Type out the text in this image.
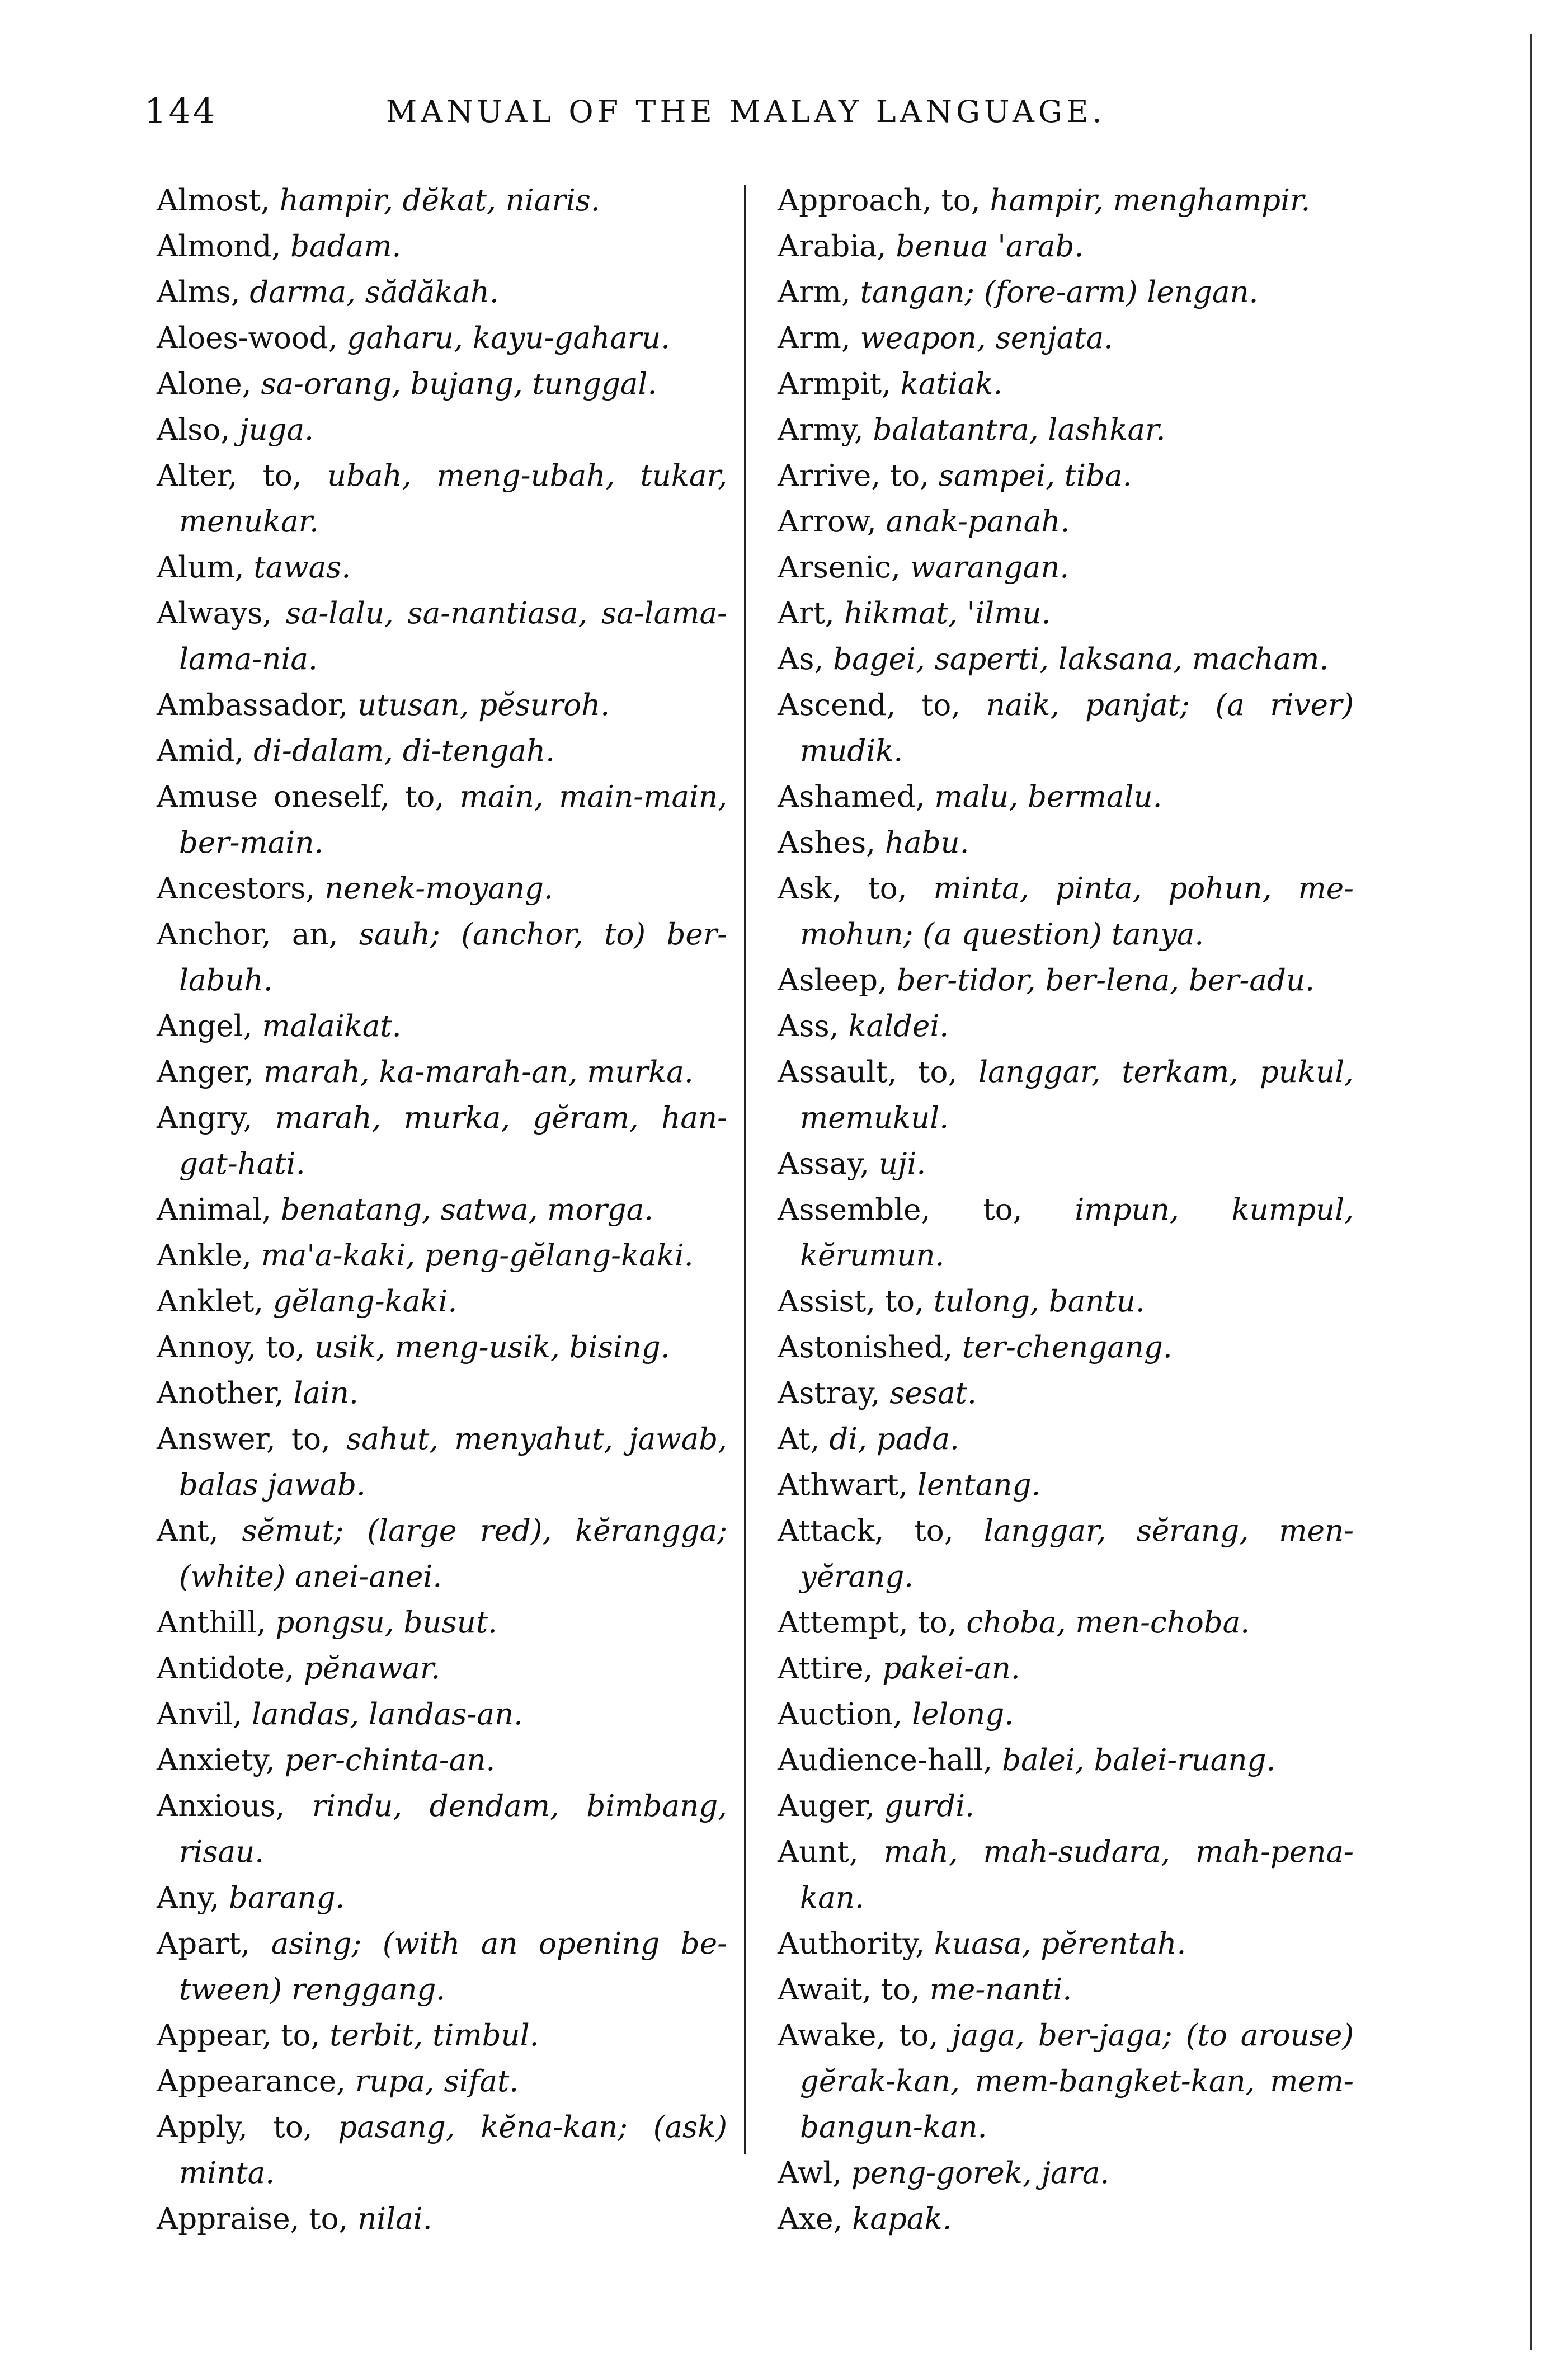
144	MANUAL OF THE MALAY LANGUAGE.

Almost, hampir, dĕkat, niaris.

Almond, badam.

Alms, darma, sădăkah.

Aloes-wood, gaharu, kayu-gaharu.

Alone, sa-orang, bujang, tunggal.

Also, juga.

Alter, to, ubah, meng-ubah, tukar, menukar.

Alum, tawas.

Always, sa-lalu, sa-nantiasa, sa-lama-lama-nia.

Ambassador, utusan, pĕsuroh.

Amid, di-dalam, di-tengah.

Amuse oneself, to, main, main-main, ber-main.

Ancestors, nenek-moyang.

Anchor, an, sauh; (anchor, to) ber-labuh.

Angel, malaikat.

Anger, marah, ka-marah-an, murka.

Angry, marah, murka, gĕram, han-gat-hati.

Animal, benatang, satwa, morga.

Ankle, ma'a-kaki, peng-gĕlang-kaki.

Anklet, gĕlang-kaki.

Annoy, to, usik, meng-usik, bising.

Another, lain.

Answer, to, sahut, menyahut, jawab, balas jawab.

Ant, sĕmut; (large red), kĕrangga; (white) anei-anei.

Anthill, pongsu, busut.

Antidote, pĕnawar.

Anvil, landas, landas-an.

Anxiety, per-chinta-an.

Anxious, rindu, dendam, bimbang, risau.

Any, barang.

Apart, asing; (with an opening be-tween) renggang.

Appear, to, terbit, timbul.

Appearance, rupa, sifat.

Apply, to, pasang, kĕna-kan; (ask) minta.

Appraise, to, nilai.

Approach, to, hampir, menghampir.

Arabia, benua 'arab.

Arm, tangan; (fore-arm) lengan.

Arm, weapon, senjata.

Armpit, katiak.

Army, balatantra, lashkar.

Arrive, to, sampei, tiba.

Arrow, anak-panah.

Arsenic, warangan.

Art, hikmat, 'ilmu.

As, bagei, saperti, laksana, macham.

Ascend, to, naik, panjat; (a river) mudik.

Ashamed, malu, bermalu.

Ashes, habu.

Ask, to, minta, pinta, pohun, me-mohun; (a question) tanya.

Asleep, ber-tidor, ber-lena, ber-adu.

Ass, kaldei.

Assault, to, langgar, terkam, pukul, memukul.

Assay, uji.

Assemble, to, impun, kumpul, kĕrumun.

Assist, to, tulong, bantu.

Astonished, ter-chengang.

Astray, sesat.

At, di, pada.

Athwart, lentang.

Attack, to, langgar, sĕrang, men-yĕrang.

Attempt, to, choba, men-choba.

Attire, pakei-an.

Auction, lelong.

Audience-hall, balei, balei-ruang.

Auger, gurdi.

Aunt, mah, mah-sudara, mah-pena-kan.

Authority, kuasa, pĕrentah.

Await, to, me-nanti.

Awake, to, jaga, ber-jaga; (to arouse) gĕrak-kan, mem-bangket-kan, mem-bangun-kan.

Awl, peng-gorek, jara.

Axe, kapak.
